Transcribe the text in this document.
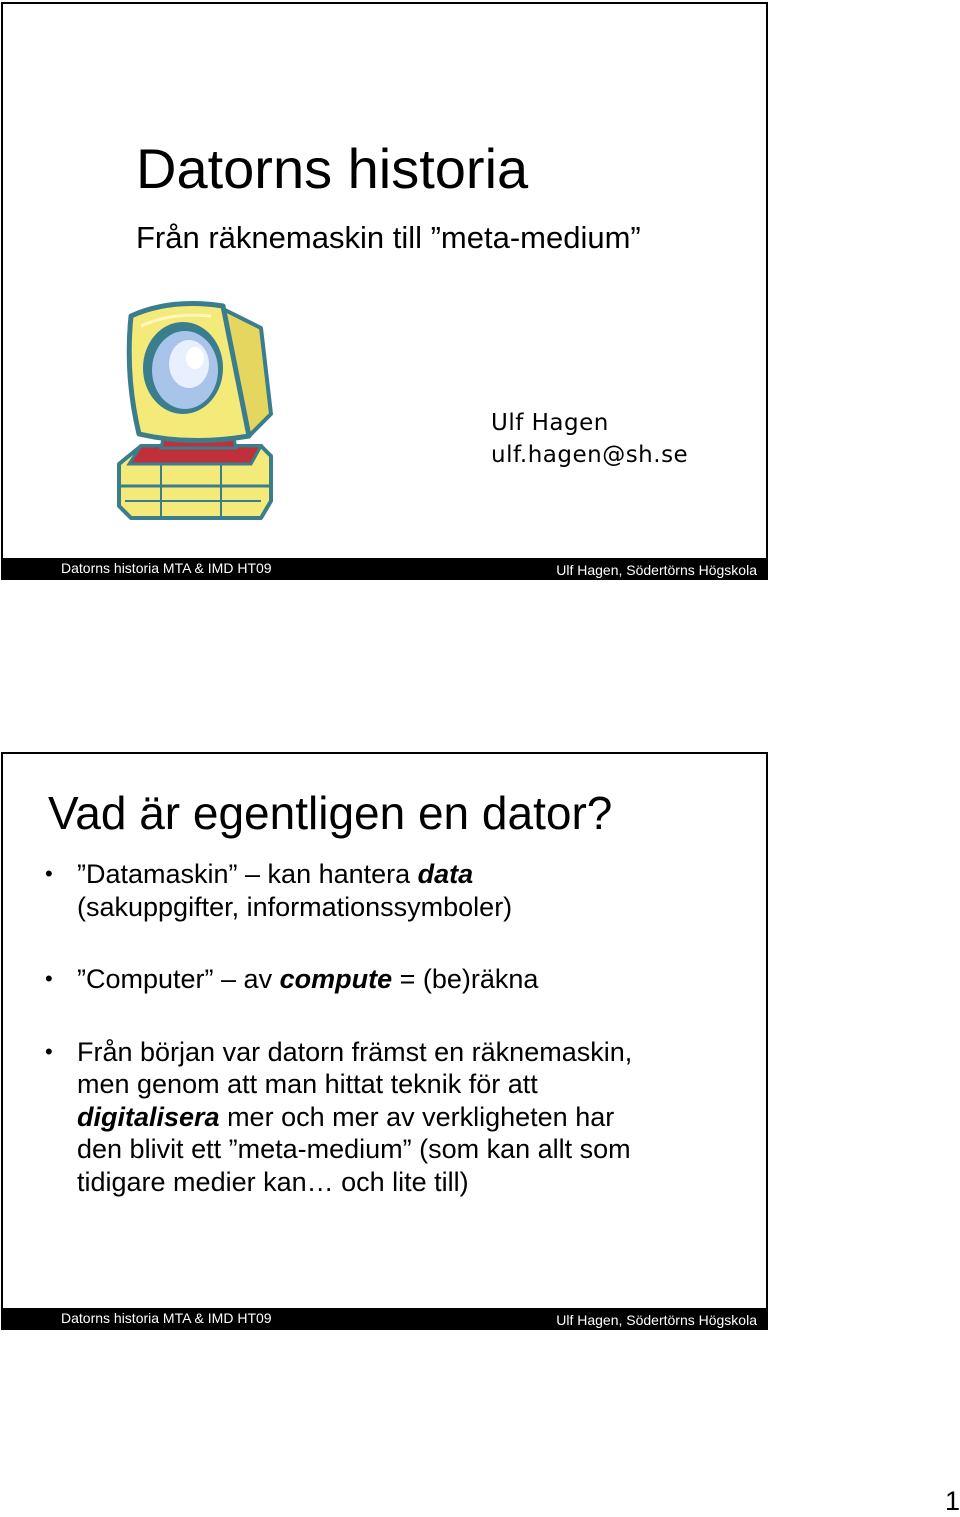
Datorns historia
Från räknemaskin till ”meta-medium”
Ulf Hagen
ulf.hagen@sh.se
Datorns historia MTA & IMD HT09	Ulf Hagen, Södertörns Högskola
Vad är egentligen en dator?
• ”Datamaskin” – kan hantera data
(sakuppgifter, informationssymboler)
• ”Computer” – av compute = (be)räkna
• Från början var datorn främst en räknemaskin,
men genom att man hittat teknik för att
digitalisera mer och mer av verkligheten har
den blivit ett ”meta-medium” (som kan allt som
tidigare medier kan… och lite till)
Datorns historia MTA & IMD HT09	Ulf Hagen, Södertörns Högskola
1
